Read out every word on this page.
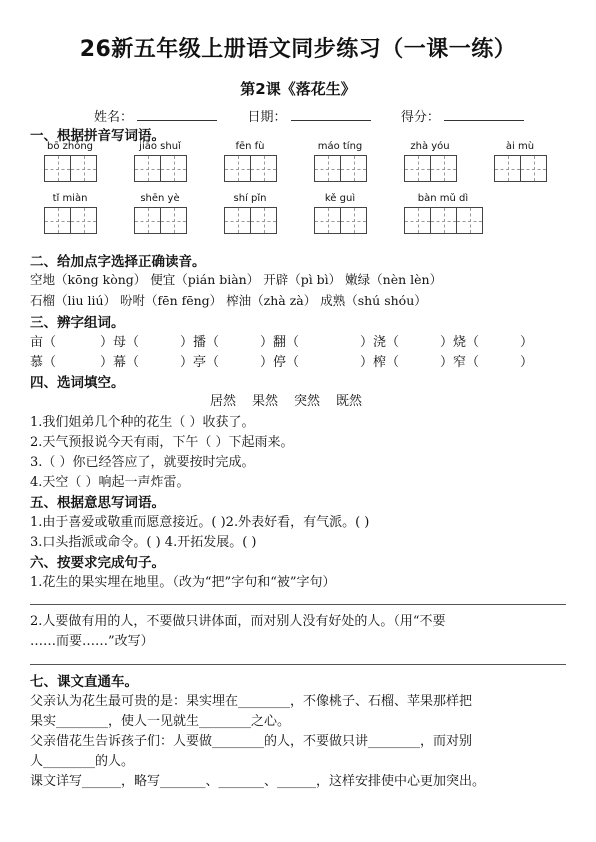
26新五年级上册语文同步练习（一课一练）
第2课《落花生》
姓名：	日期：	得分：
一、根据拼音写词语。
bō zhǒng	jiāo shuǐ	fēn fù	máo tíng	zhà yóu	ài mù
tǐ miàn	shēn yè	shí pǐn	kě guì	bàn mǔ dì
二、给加点字选择正确读音。
空地（kōng kòng） 便宜（pián biàn） 开辟（pì bì） 嫩绿（nèn lèn）
石榴（liu liú） 吩咐（fēn fēng） 榨油（zhà zà） 成熟（shú shóu）
三、辨字组词。
亩（	）母（	）播（	）翻（	）浇（	）烧（	）
慕（	）幕（	）亭（	）停（	）榨（	）窄（	）
四、选词填空。
居然 果然 突然 既然
1.我们姐弟几个种的花生（ ）收获了。
2.天气预报说今天有雨，下午（ ）下起雨来。
3.（ ）你已经答应了，就要按时完成。
4.天空（ ）响起一声炸雷。
五、根据意思写词语。
1.由于喜爱或敬重而愿意接近。( )2.外表好看，有气派。( )
3.口头指派或命令。( ) 4.开拓发展。( )
六、按要求完成句子。
1.花生的果实埋在地里。（改为“把”字句和“被”字句）
2.人要做有用的人，不要做只讲体面，而对别人没有好处的人。（用“不要
……而要……”改写）
七、课文直通车。
父亲认为花生最可贵的是：果实埋在________，不像桃子、石榴、苹果那样把
果实________，使人一见就生________之心。
父亲借花生告诉孩子们：人要做________的人，不要做只讲________，而对别
人________的人。
课文详写______，略写_______、_______、______，这样安排使中心更加突出。
